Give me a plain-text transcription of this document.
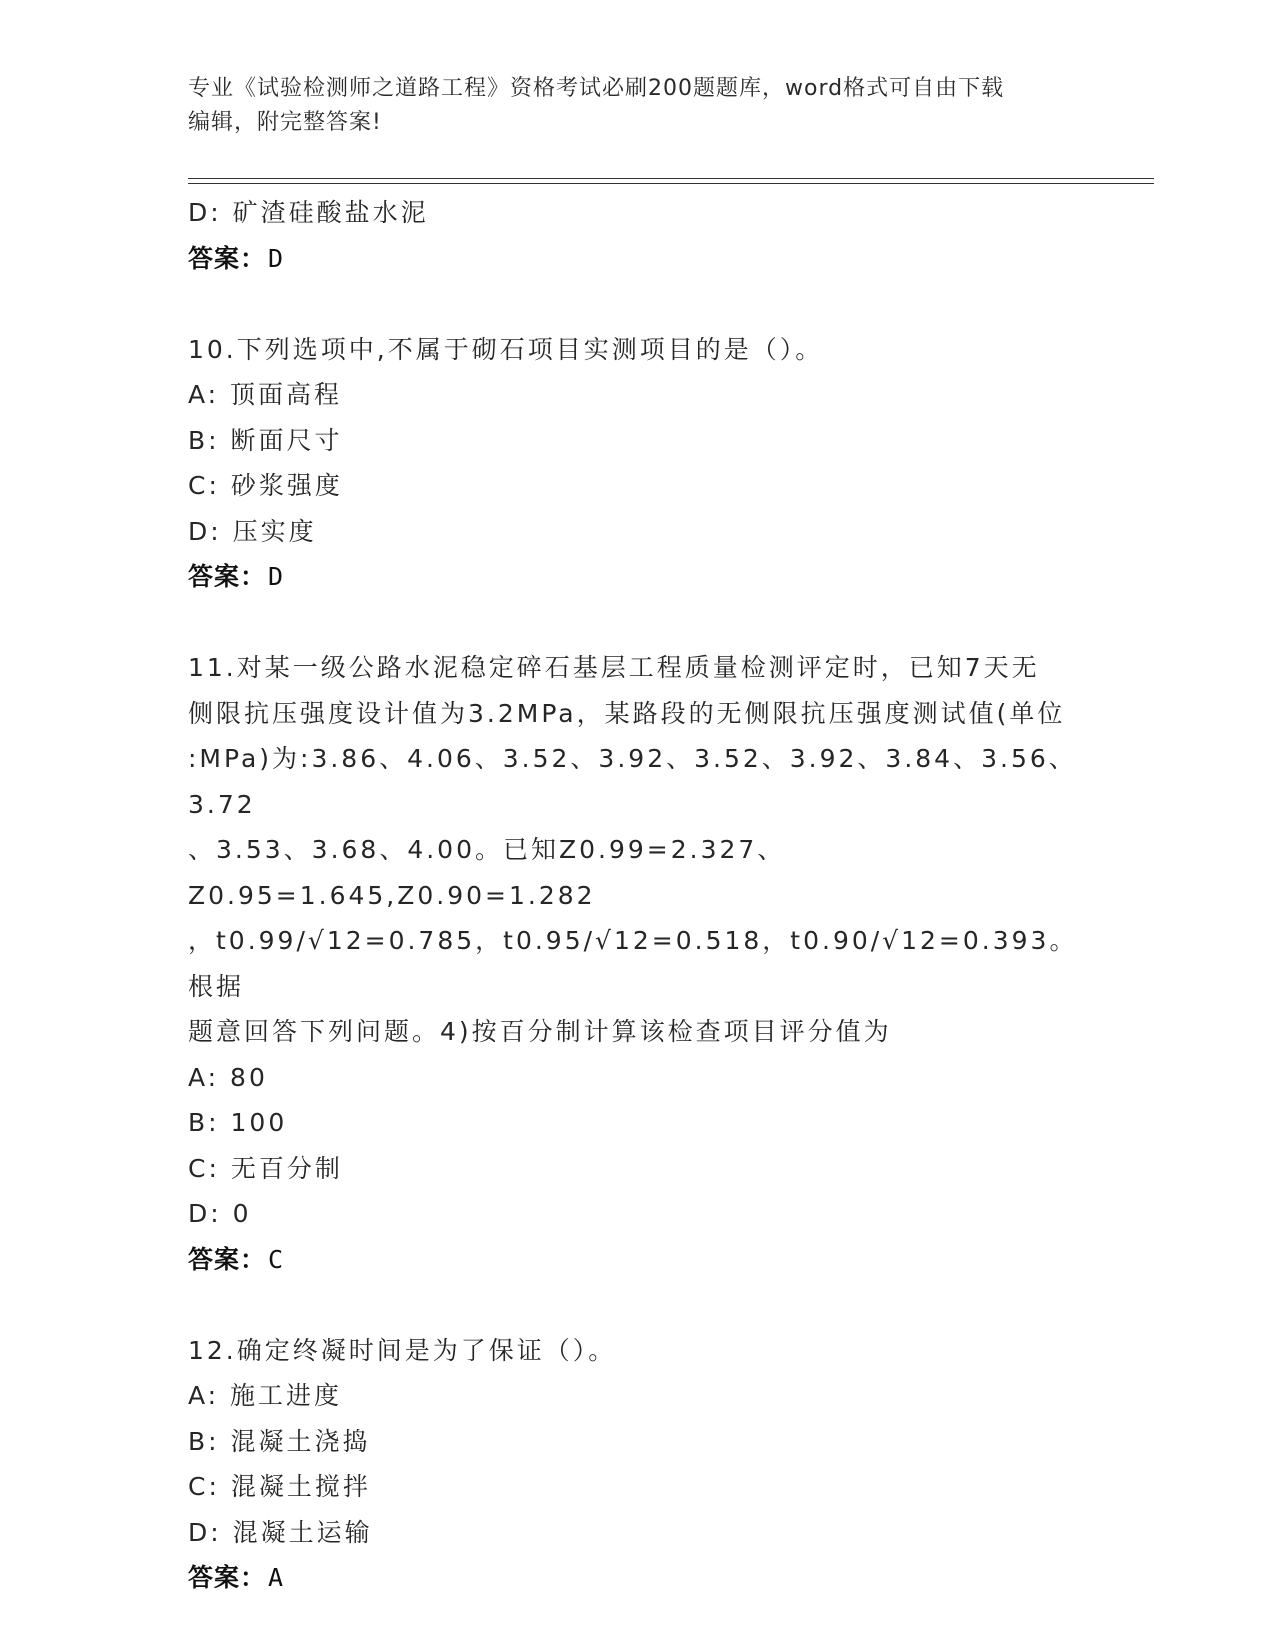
专业《试验检测师之道路工程》资格考试必刷200题题库，word格式可自由下载
编辑，附完整答案!
D: 矿渣硅酸盐水泥
答案：D
10.下列选项中,不属于砌石项目实测项目的是（）。
A: 顶面高程
B: 断面尺寸
C: 砂浆强度
D: 压实度
答案：D
11.对某一级公路水泥稳定碎石基层工程质量检测评定时，已知7天无
侧限抗压强度设计值为3.2MPa，某路段的无侧限抗压强度测试值(单位
:MPa)为:3.86、4.06、3.52、3.92、3.52、3.92、3.84、3.56、3.72
、3.53、3.68、4.00。已知Z0.99=2.327、Z0.95=1.645,Z0.90=1.282
，t0.99/√12=0.785，t0.95/√12=0.518，t0.90/√12=0.393。根据
题意回答下列问题。4)按百分制计算该检查项目评分值为
A: 80
B: 100
C: 无百分制
D: 0
答案：C
12.确定终凝时间是为了保证（）。
A: 施工进度
B: 混凝土浇捣
C: 混凝土搅拌
D: 混凝土运输
答案：A
